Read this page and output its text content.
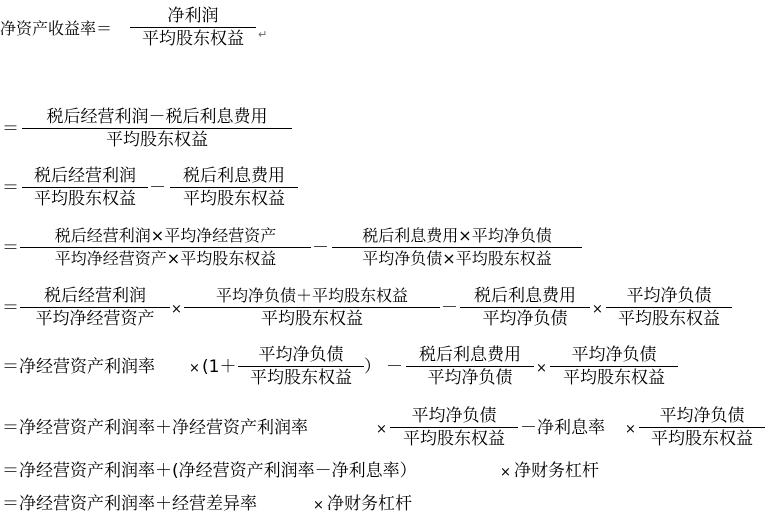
净资产收益率＝
净利润
平均股东权益	↵
＝
税后经营利润－税后利息费用
平均股东权益
＝
税后经营利润
平均股东权益
－
税后利息费用
平均股东权益
＝
税后经营利润×平均净经营资产
平均净经营资产×平均股东权益
－
税后利息费用×平均净负债
平均净负债×平均股东权益
＝
税后经营利润
平均净经营资产	×
平均净负债＋平均股东权益
平均股东权益
－
税后利息费用
平均净负债	×
平均净负债
平均股东权益
＝净经营资产利润率	× (1＋
平均净负债
平均股东权益
） －
税后利息费用
平均净负债	×
平均净负债
平均股东权益
＝净经营资产利润率＋净经营资产利润率	×
平均净负债
平均股东权益
－净利息率 ×
平均净负债
平均股东权益
＝净经营资产利润率＋(净经营资产利润率－净利息率）	× 净财务杠杆
＝净经营资产利润率＋经营差异率	× 净财务杠杆
